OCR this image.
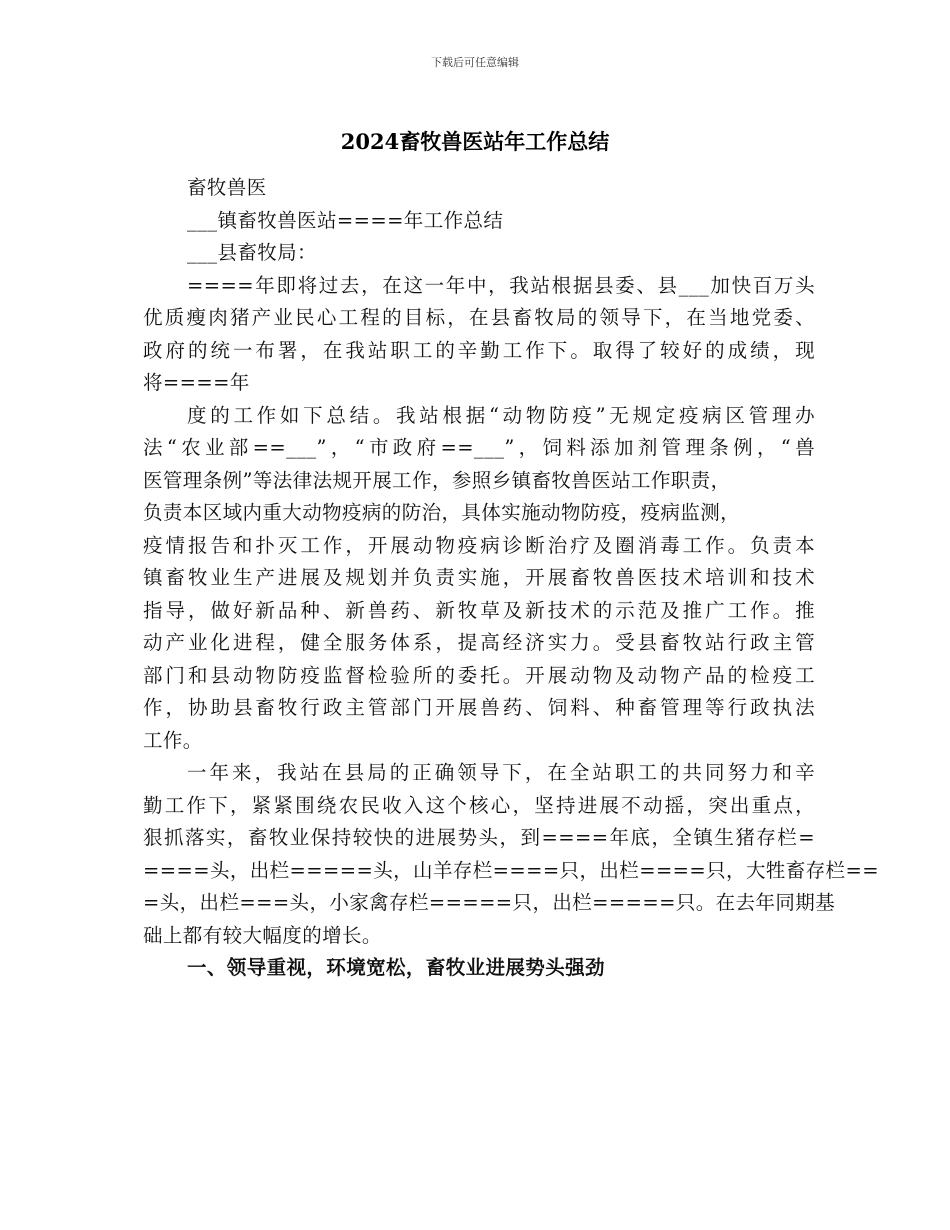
下载后可任意编辑
2024畜牧兽医站年工作总结
畜牧兽医
___镇畜牧兽医站====年工作总结
___县畜牧局：
====年即将过去，在这一年中，我站根据县委、县___加快百万头
优质瘦肉猪产业民心工程的目标，在县畜牧局的领导下，在当地党委、
政府的统一布署，在我站职工的辛勤工作下。取得了较好的成绩，现
将====年
度的工作如下总结。我站根据“动物防疫”无规定疫病区管理办
法“农业部==___”，“市政府==___”，饲料添加剂管理条例，“兽
医管理条例”等法律法规开展工作，参照乡镇畜牧兽医站工作职责，
负责本区域内重大动物疫病的防治，具体实施动物防疫，疫病监测，
疫情报告和扑灭工作，开展动物疫病诊断治疗及圈消毒工作。负责本
镇畜牧业生产进展及规划并负责实施，开展畜牧兽医技术培训和技术
指导，做好新品种、新兽药、新牧草及新技术的示范及推广工作。推
动产业化进程，健全服务体系，提高经济实力。受县畜牧站行政主管
部门和县动物防疫监督检验所的委托。开展动物及动物产品的检疫工
作，协助县畜牧行政主管部门开展兽药、饲料、种畜管理等行政执法
工作。
一年来，我站在县局的正确领导下，在全站职工的共同努力和辛
勤工作下，紧紧围绕农民收入这个核心，坚持进展不动摇，突出重点，
狠抓落实，畜牧业保持较快的进展势头，到====年底，全镇生猪存栏=
====头，出栏=====头，山羊存栏====只，出栏====只，大牲畜存栏==
=头，出栏===头，小家禽存栏=====只，出栏=====只。在去年同期基
础上都有较大幅度的增长。
一、领导重视，环境宽松，畜牧业进展势头强劲
